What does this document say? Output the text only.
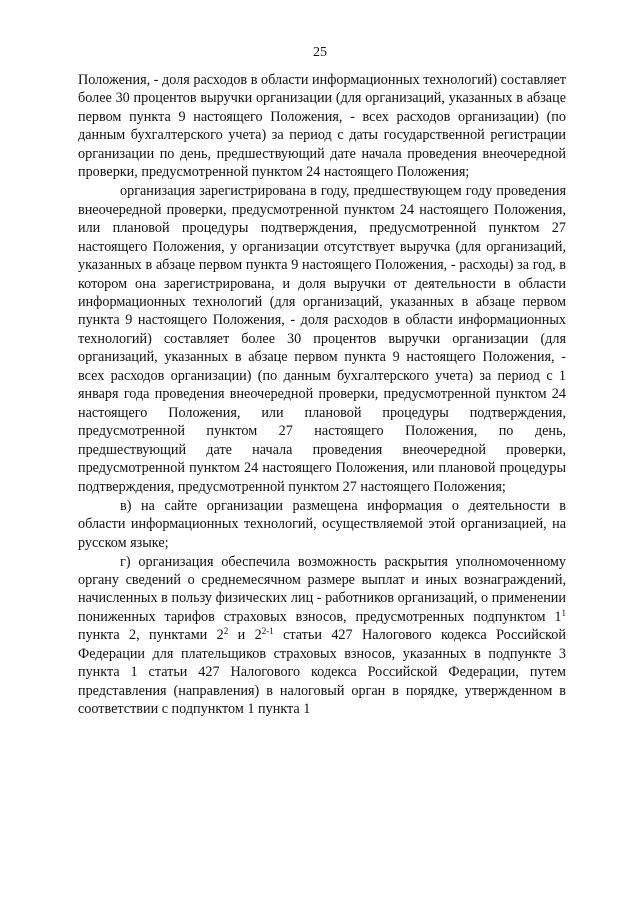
25

Положения, - доля расходов в области информационных технологий) составляет более 30 процентов выручки организации (для организаций, указанных в абзаце первом пункта 9 настоящего Положения, - всех расходов организации) (по данным бухгалтерского учета) за период с даты государственной регистрации организации по день, предшествующий дате начала проведения внеочередной проверки, предусмотренной пунктом 24 настоящего Положения;

организация зарегистрирована в году, предшествующем году проведения внеочередной проверки, предусмотренной пунктом 24 настоящего Положения, или плановой процедуры подтверждения, предусмотренной пунктом 27 настоящего Положения, у организации отсутствует выручка (для организаций, указанных в абзаце первом пункта 9 настоящего Положения, - расходы) за год, в котором она зарегистрирована, и доля выручки от деятельности в области информационных технологий (для организаций, указанных в абзаце первом пункта 9 настоящего Положения, - доля расходов в области информационных технологий) составляет более 30 процентов выручки организации (для организаций, указанных в абзаце первом пункта 9 настоящего Положения, - всех расходов организации) (по данным бухгалтерского учета) за период с 1 января года проведения внеочередной проверки, предусмотренной пунктом 24 настоящего Положения, или плановой процедуры подтверждения, предусмотренной пунктом 27 настоящего Положения, по день, предшествующий дате начала проведения внеочередной проверки, предусмотренной пунктом 24 настоящего Положения, или плановой процедуры подтверждения, предусмотренной пунктом 27 настоящего Положения;

в) на сайте организации размещена информация о деятельности в области информационных технологий, осуществляемой этой организацией, на русском языке;

г) организация обеспечила возможность раскрытия уполномоченному органу сведений о среднемесячном размере выплат и иных вознаграждений, начисленных в пользу физических лиц - работников организаций, о применении пониженных тарифов страховых взносов, предусмотренных подпунктом $1^1$ пункта 2, пунктами $2^2$ и 2$^{2-1}$ статьи 427 Налогового кодекса Российской Федерации для плательщиков страховых взносов, указанных в подпункте 3 пункта 1 статьи 427 Налогового кодекса Российской Федерации, путем представления (направления) в налоговый орган в порядке, утвержденном в соответствии с подпунктом 1 пункта 1
